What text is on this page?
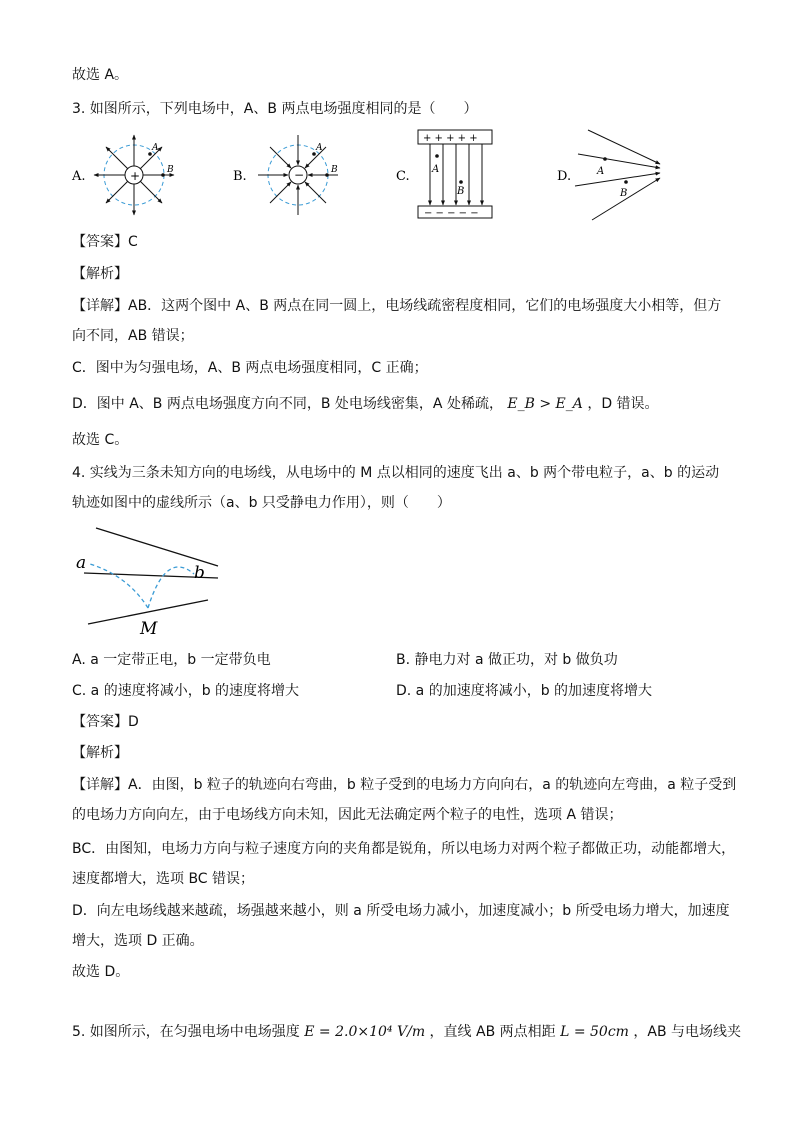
故选 A。
3. 如图所示，下列电场中，A、B 两点电场强度相同的是（　　）
A.	+
A
B	B.	−
A
B	C.
+ + + + +
− − − − −
A
B
D.	A
B
【答案】C
【解析】
【详解】AB．这两个图中 A、B 两点在同一圆上，电场线疏密程度相同，它们的电场强度大小相等，但方
向不同，AB 错误；
C．图中为匀强电场，A、B 两点电场强度相同，C 正确；
D．图中 A、B 两点电场强度方向不同，B 处电场线密集，A 处稀疏， E_B > E_A ，D 错误。
故选 C。
4. 实线为三条未知方向的电场线，从电场中的 M 点以相同的速度飞出 a、b 两个带电粒子，a、b 的运动
轨迹如图中的虚线所示（a、b 只受静电力作用），则（　　）
a	b
M
A. a 一定带正电，b 一定带负电	B. 静电力对 a 做正功，对 b 做负功
C. a 的速度将减小，b 的速度将增大	D. a 的加速度将减小，b 的加速度将增大
【答案】D
【解析】
【详解】A．由图，b 粒子的轨迹向右弯曲，b 粒子受到的电场力方向向右，a 的轨迹向左弯曲，a 粒子受到
的电场力方向向左，由于电场线方向未知，因此无法确定两个粒子的电性，选项 A 错误；
BC．由图知，电场力方向与粒子速度方向的夹角都是锐角，所以电场力对两个粒子都做正功，动能都增大，
速度都增大，选项 BC 错误；
D．向左电场线越来越疏，场强越来越小，则 a 所受电场力减小，加速度减小；b 所受电场力增大，加速度
增大，选项 D 正确。
故选 D。
5. 如图所示，在匀强电场中电场强度 E = 2.0×10⁴ V/m ，直线 AB 两点相距 L = 50cm ，AB 与电场线夹
